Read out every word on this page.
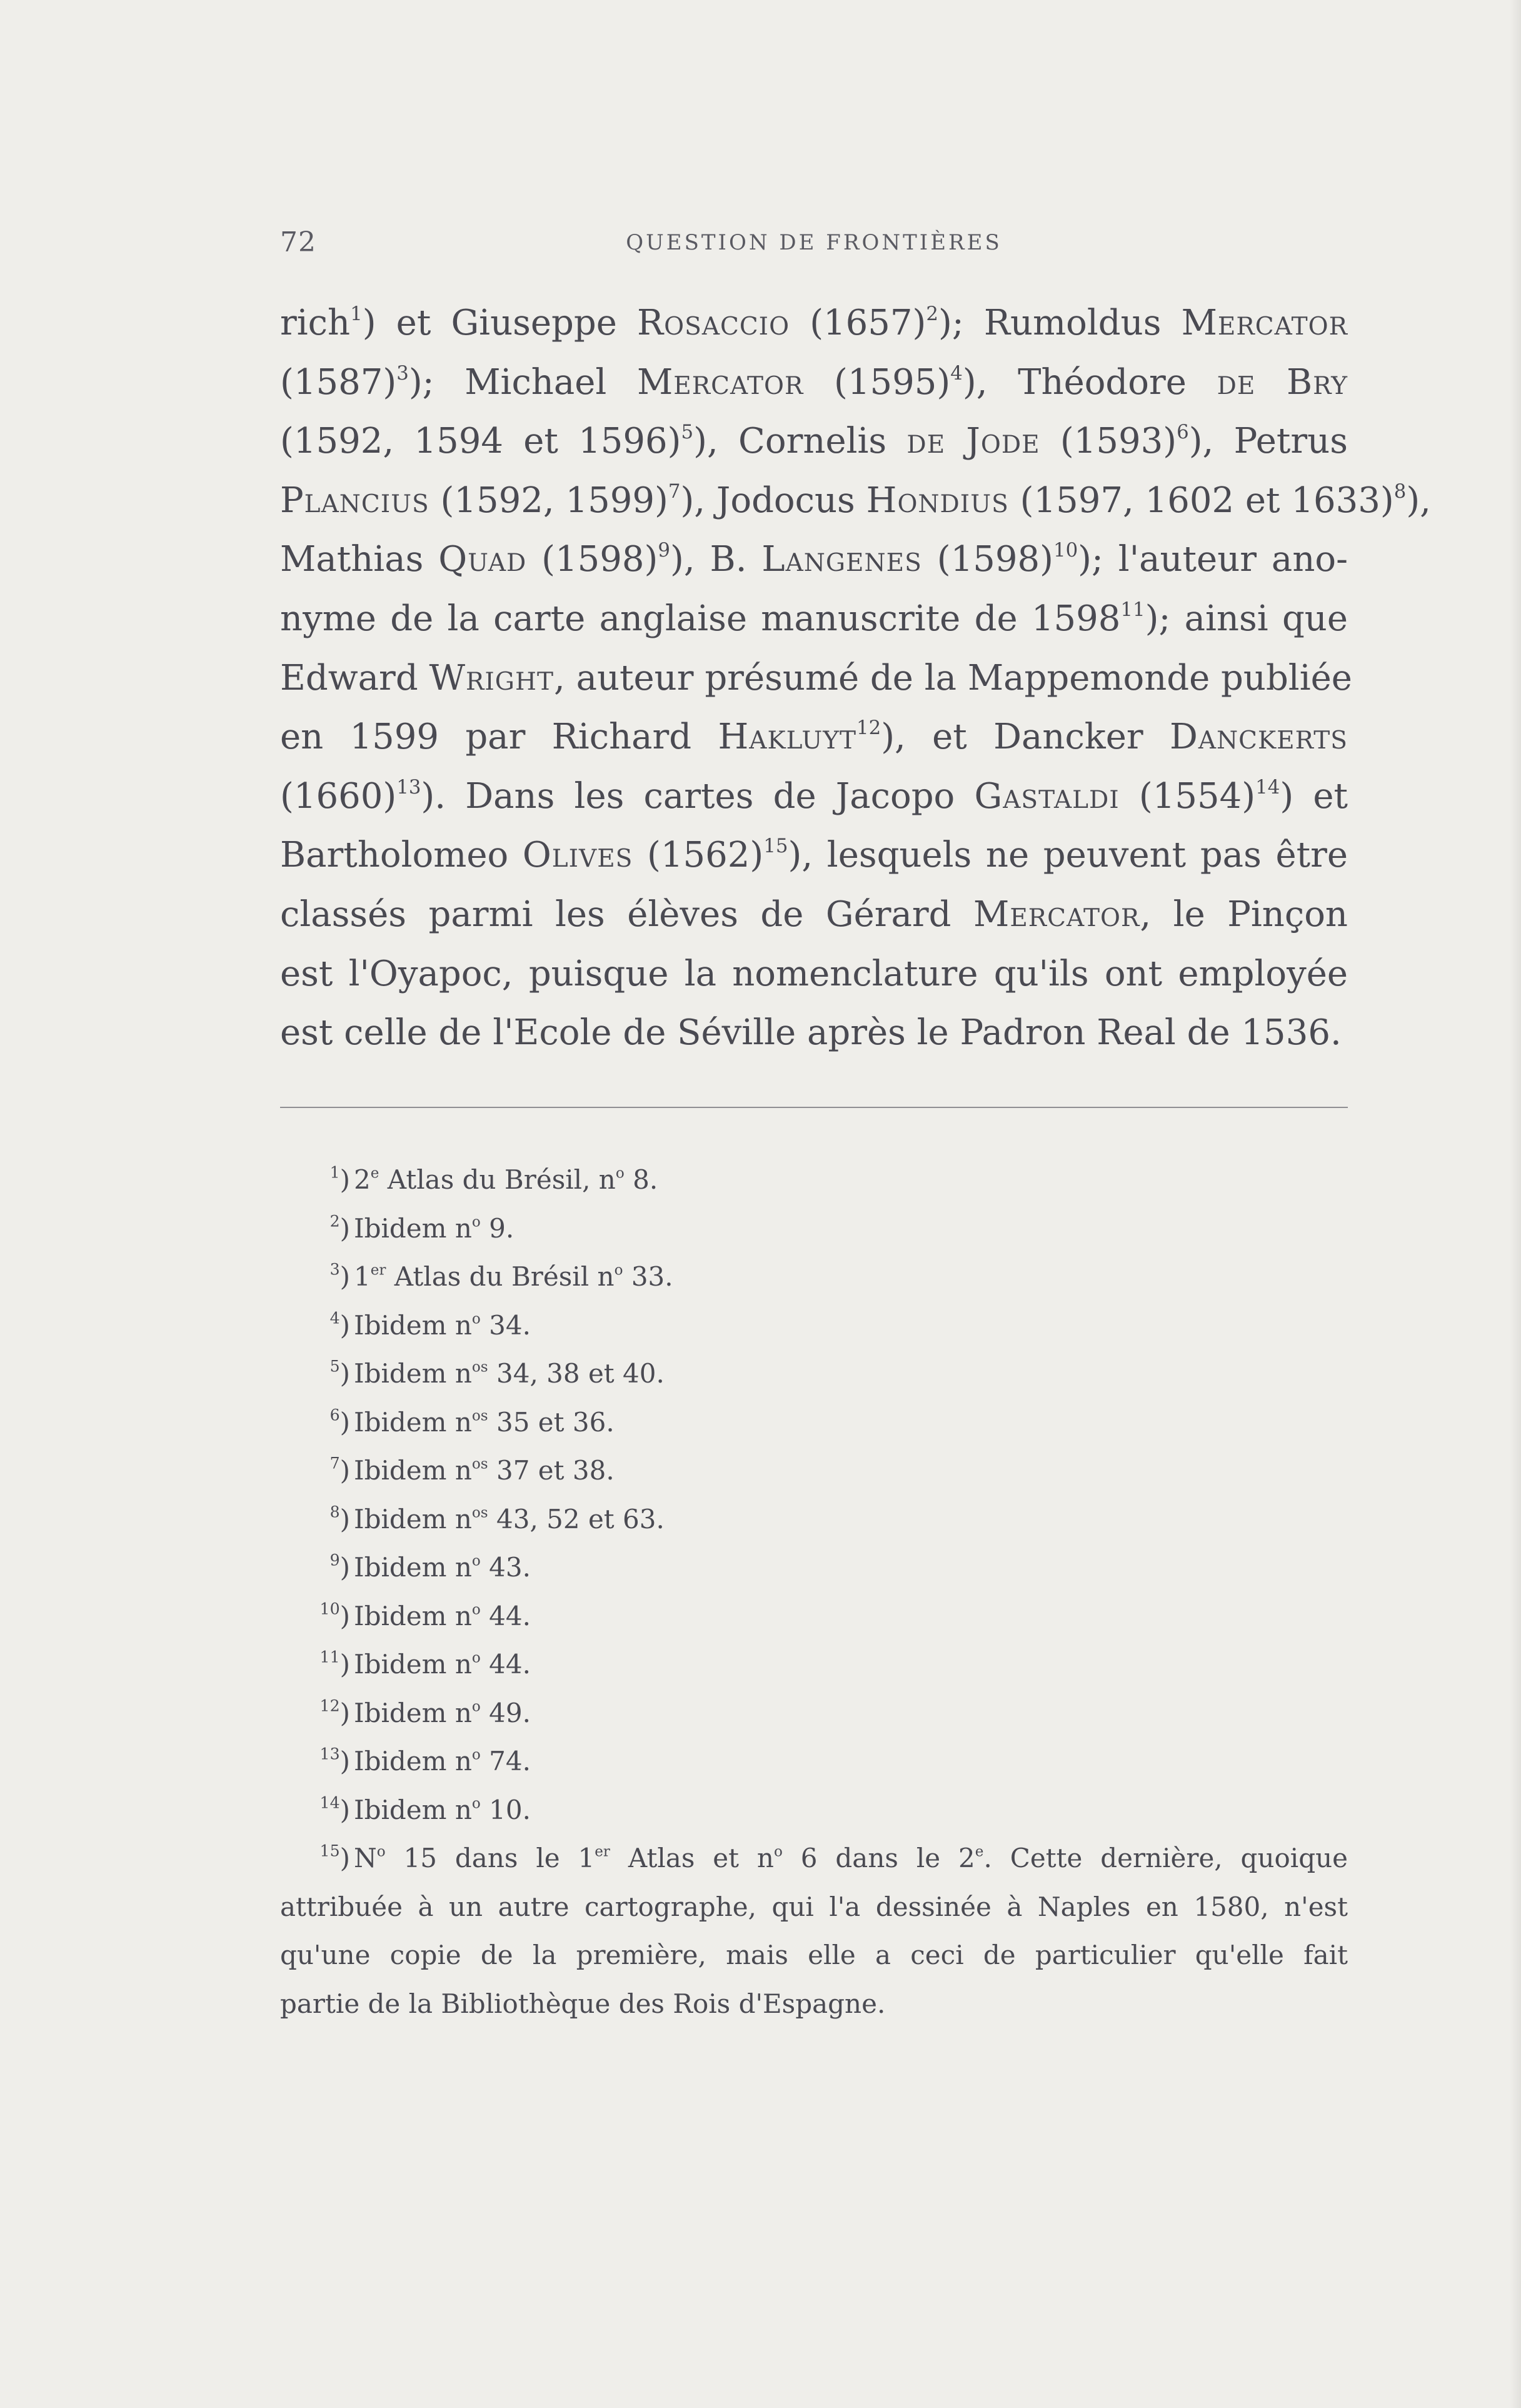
72	QUESTION DE FRONTIÈRES
rich$^1$) et Giuseppe Rosaccio $(1657)^2$); Rumoldus Mercator
$(1587)^3$); Michael Mercator $(1595)^4$), Théodore de Bry
(1592, 1594 et 1596)$^5$), Cornelis de Jode $(1593)^6$), Petrus
Plancius (1592, 1599)$^7$), Jodocus Hondius (1597, 1602 et 1633)$^8$),
Mathias Quad $(1598)^9$), B. Langenes $(1598)^{10}$); l'auteur ano-
nyme de la carte anglaise manuscrite de 1598$^{11}$); ainsi que
Edward Wright, auteur présumé de la Mappemonde publiée
en 1599 par Richard Hakluyt$^{12}$), et Dancker Danckerts
$(1660)^{13}$). Dans les cartes de Jacopo Gastaldi $(1554)^{14}$) et
Bartholomeo Olives $(1562)^{15}$), lesquels ne peuvent pas être
classés parmi les élèves de Gérard Mercator, le Pinçon
est l'Oyapoc, puisque la nomenclature qu'ils ont employée
est celle de l'Ecole de Séville après le Padron Real de 1536.
$^1$) 2e Atlas du Brésil, $n^o$ 8.
$^2$) Ibidem $n^o$ 9.
$^3$) 1er Atlas du Brésil $n^o$ 33.
$^4$) Ibidem $n^o$ 34.
$^5$) Ibidem $n^{os}$ 34, 38 et 40.
$^6$) Ibidem $n^{os}$ 35 et 36.
$^7$) Ibidem $n^{os}$ 37 et 38.
$^8$) Ibidem $n^{os}$ 43, 52 et 63.
$^9$) Ibidem $n^o$ 43.
$^{10}$) Ibidem $n^o$ 44.
$^{11}$) Ibidem $n^o$ 44.
$^{12}$) Ibidem $n^o$ 49.
$^{13}$) Ibidem $n^o$ 74.
$^{14}$) Ibidem $n^o$ 10.
$^{15}$) $N^o$ 15 dans le 1er Atlas et $n^o$ 6 dans le 2e. Cette dernière, quoique
attribuée à un autre cartographe, qui l'a dessinée à Naples en 1580, n'est
qu'une copie de la première, mais elle a ceci de particulier qu'elle fait
partie de la Bibliothèque des Rois d'Espagne.
